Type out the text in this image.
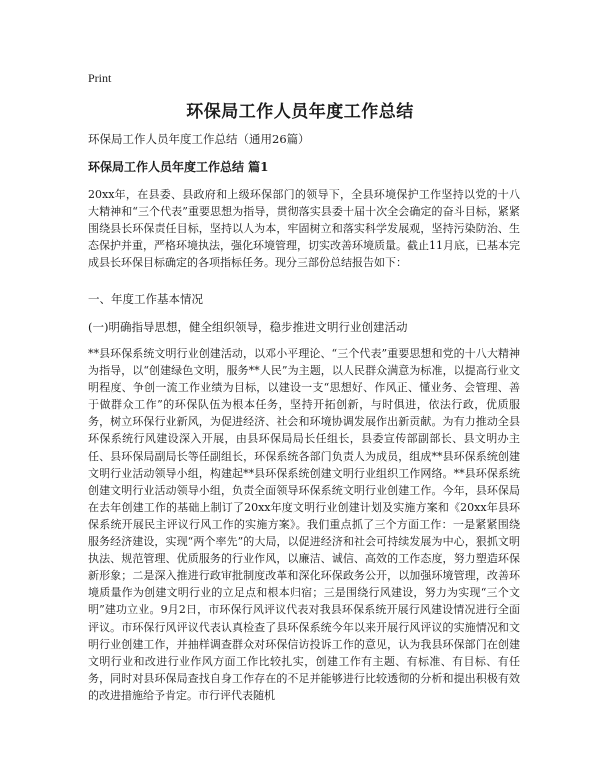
Print
环保局工作人员年度工作总结
环保局工作人员年度工作总结（通用26篇）
环保局工作人员年度工作总结 篇1

20xx年，在县委、县政府和上级环保部门的领导下，全县环境保护工作坚持以党的十八大精神和“三个代表”重要思想为指导，贯彻落实县委十届十次全会确定的奋斗目标，紧紧围绕县长环保责任目标，坚持以人为本，牢固树立和落实科学发展观，坚持污染防治、生态保护并重，严格环境执法，强化环境管理，切实改善环境质量。截止11月底，已基本完成县长环保目标确定的各项指标任务。现分三部份总结报告如下：

一、年度工作基本情况
(一)明确指导思想，健全组织领导，稳步推进文明行业创建活动

**县环保系统文明行业创建活动，以邓小平理论、“三个代表”重要思想和党的十八大精神为指导，以“创建绿色文明，服务**人民”为主题，以人民群众满意为标准，以提高行业文明程度、争创一流工作业绩为目标，以建设一支“思想好、作风正、懂业务、会管理、善于做群众工作”的环保队伍为根本任务，坚持开拓创新，与时俱进，依法行政，优质服务，树立环保行业新风，为促进经济、社会和环境协调发展作出新贡献。为有力推动全县环保系统行风建设深入开展，由县环保局局长任组长，县委宣传部副部长、县文明办主任、县环保局副局长等任副组长，环保系统各部门负责人为成员，组成**县环保系统创建文明行业活动领导小组，构建起**县环保系统创建文明行业组织工作网络。**县环保系统创建文明行业活动领导小组，负责全面领导环保系统文明行业创建工作。今年，县环保局在去年创建工作的基础上制订了20xx年度文明行业创建计划及实施方案和《20xx年县环保系统开展民主评议行风工作的实施方案》。我们重点抓了三个方面工作：一是紧紧围绕服务经济建设，实现“两个率先”的大局，以促进经济和社会可持续发展为中心，狠抓文明执法、规范管理、优质服务的行业作风，以廉洁、诚信、高效的工作态度，努力塑造环保新形象；二是深入推进行政审批制度改革和深化环保政务公开，以加强环境管理，改善环境质量作为创建文明行业的立足点和根本归宿；三是围绕行风建设，努力为实现“三个文明”建功立业。9月2日，市环保行风评议代表对我县环保系统开展行风建设情况进行全面评议。市环保行风评议代表认真检查了县环保系统今年以来开展行风评议的实施情况和文明行业创建工作，并抽样调查群众对环保信访投诉工作的意见，认为我县环保部门在创建文明行业和改进行业作风方面工作比较扎实，创建工作有主题、有标准、有目标、有任务，同时对县环保局查找自身工作存在的不足并能够进行比较透彻的分析和提出积极有效的改进措施给予肯定。市行评代表随机
